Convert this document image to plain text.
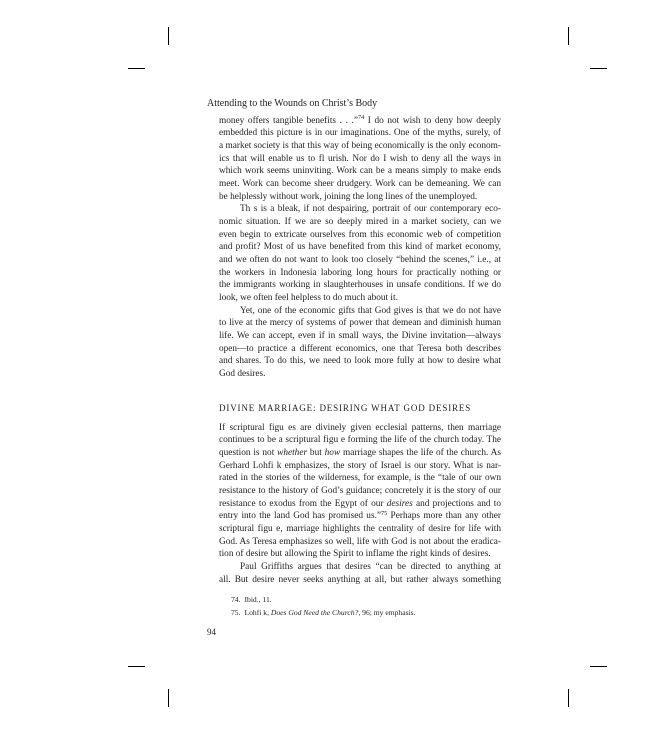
Attending to the Wounds on Christ’s Body
money offers tangible benefits . . .”$^{74}$ I do not wish to deny how deeply
embedded this picture is in our imaginations. One of the myths, surely, of
a market society is that this way of being economically is the only econom-
ics that will enable us to fl urish. Nor do I wish to deny all the ways in
which work seems uninviting. Work can be a means simply to make ends
meet. Work can become sheer drudgery. Work can be demeaning. We can
be helplessly without work, joining the long lines of the unemployed.
Th s is a bleak, if not despairing, portrait of our contemporary eco-
nomic situation. If we are so deeply mired in a market society, can we
even begin to extricate ourselves from this economic web of competition
and profit? Most of us have benefited from this kind of market economy,
and we often do not want to look too closely “behind the scenes,” i.e., at
the workers in Indonesia laboring long hours for practically nothing or
the immigrants working in slaughterhouses in unsafe conditions. If we do
look, we often feel helpless to do much about it.
Yet, one of the economic gifts that God gives is that we do not have
to live at the mercy of systems of power that demean and diminish human
life. We can accept, even if in small ways, the Divine invitation—always
open—to practice a different economics, one that Teresa both describes
and shares. To do this, we need to look more fully at how to desire what
God desires.
DIVINE MARRIAGE: DESIRING WHAT GOD DESIRES
If scriptural figu es are divinely given ecclesial patterns, then marriage
continues to be a scriptural figu e forming the life of the church today. The
question is not whether but how marriage shapes the life of the church. As
Gerhard Lohfi k emphasizes, the story of Israel is our story. What is nar-
rated in the stories of the wilderness, for example, is the “tale of our own
resistance to the history of God’s guidance; concretely it is the story of our
resistance to exodus from the Egypt of our desires and projections and to
entry into the land God has promised us.”$^{75}$ Perhaps more than any other
scriptural figu e, marriage highlights the centrality of desire for life with
God. As Teresa emphasizes so well, life with God is not about the eradica-
tion of desire but allowing the Spirit to inflame the right kinds of desires.
Paul Griffiths argues that desires “can be directed to anything at
all. But desire never seeks anything at all, but rather always something
74. Ibid., 11.
75. Lohfi k, Does God Need the Church?, 96; my emphasis.
94
